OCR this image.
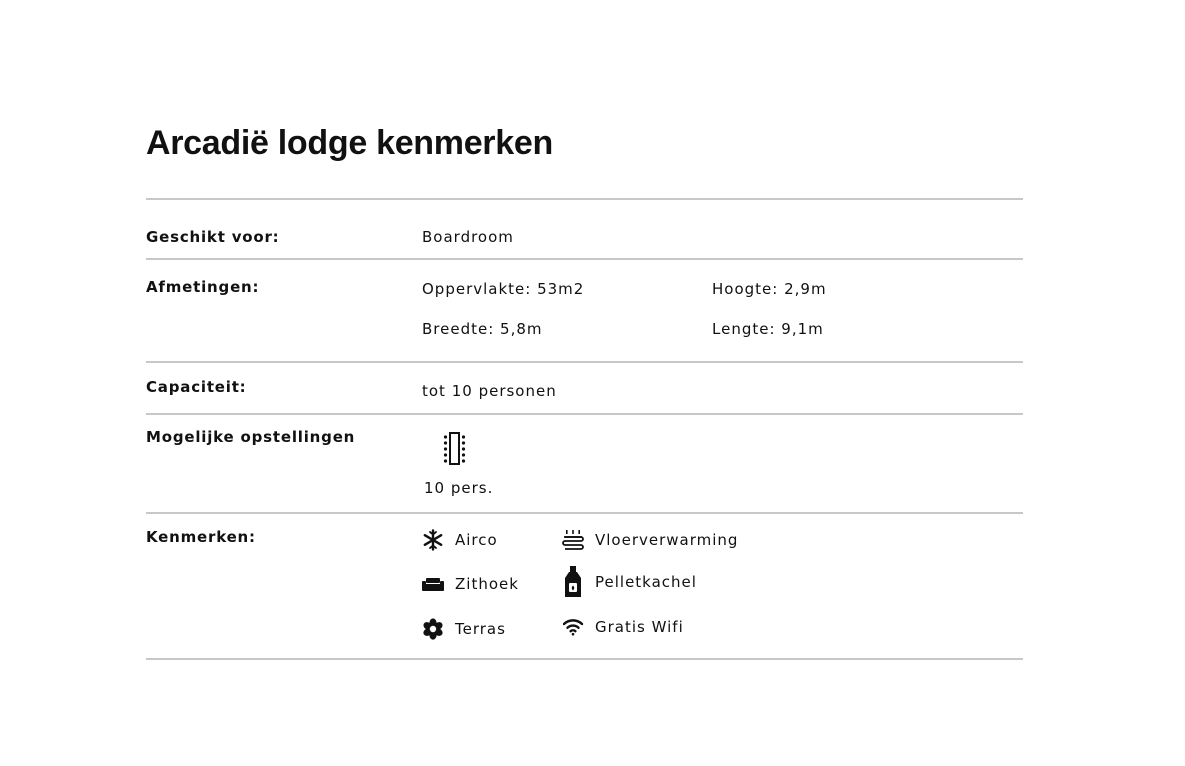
Arcadië lodge kenmerken

Geschikt voor:	Boardroom

Afmetingen:	Oppervlakte: 53m2	Hoogte: 2,9m

Breedte: 5,8m	Lengte: 9,1m

Capaciteit:	tot 10 personen

Mogelijke opstellingen

10 pers.

Kenmerken:	Airco	Vloerverwarming
Zithoek	Pelletkachel
Terras	Gratis Wifi
